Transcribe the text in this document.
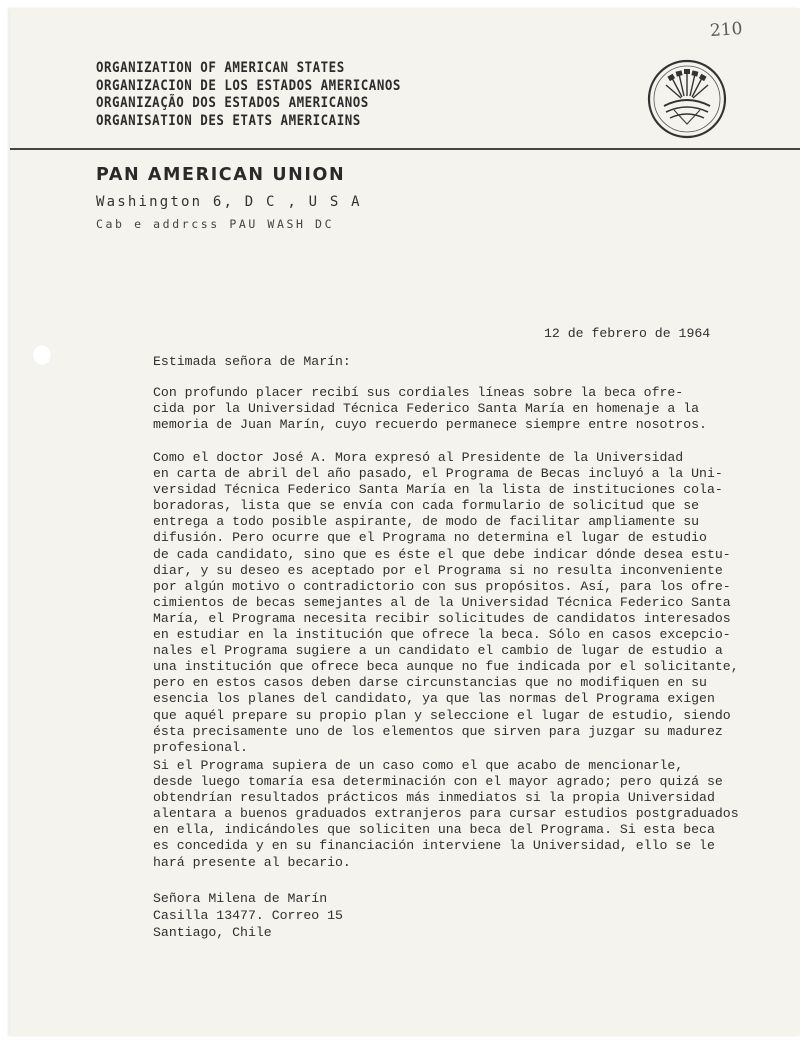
210
ORGANIZATION OF AMERICAN STATES
ORGANIZACION DE LOS ESTADOS AMERICANOS
ORGANIZAÇÃO DOS ESTADOS AMERICANOS
ORGANISATION DES ETATS AMERICAINS
PAN AMERICAN UNION
Washington 6, D C , U S A
Cab e addrcss PAU WASH DC
12 de febrero de 1964
Estimada señora de Marín:
Con profundo placer recibí sus cordiales líneas sobre la beca ofre-
cida por la Universidad Técnica Federico Santa María en homenaje a la
memoria de Juan Marín, cuyo recuerdo permanece siempre entre nosotros.
Como el doctor José A. Mora expresó al Presidente de la Universidad
en carta de abril del año pasado, el Programa de Becas incluyó a la Uni-
versidad Técnica Federico Santa María en la lista de instituciones cola-
boradoras, lista que se envía con cada formulario de solicitud que se
entrega a todo posible aspirante, de modo de facilitar ampliamente su
difusión. Pero ocurre que el Programa no determina el lugar de estudio
de cada candidato, sino que es éste el que debe indicar dónde desea estu-
diar, y su deseo es aceptado por el Programa si no resulta inconveniente
por algún motivo o contradictorio con sus propósitos. Así, para los ofre-
cimientos de becas semejantes al de la Universidad Técnica Federico Santa
María, el Programa necesita recibir solicitudes de candidatos interesados
en estudiar en la institución que ofrece la beca. Sólo en casos excepcio-
nales el Programa sugiere a un candidato el cambio de lugar de estudio a
una institución que ofrece beca aunque no fue indicada por el solicitante,
pero en estos casos deben darse circunstancias que no modifiquen en su
esencia los planes del candidato, ya que las normas del Programa exigen
que aquél prepare su propio plan y seleccione el lugar de estudio, siendo
ésta precisamente uno de los elementos que sirven para juzgar su madurez
profesional.
Si el Programa supiera de un caso como el que acabo de mencionarle,
desde luego tomaría esa determinación con el mayor agrado; pero quizá se
obtendrían resultados prácticos más inmediatos si la propia Universidad
alentara a buenos graduados extranjeros para cursar estudios postgraduados
en ella, indicándoles que soliciten una beca del Programa. Si esta beca
es concedida y en su financiación interviene la Universidad, ello se le
hará presente al becario.
Señora Milena de Marín
Casilla 13477. Correo 15
Santiago, Chile
